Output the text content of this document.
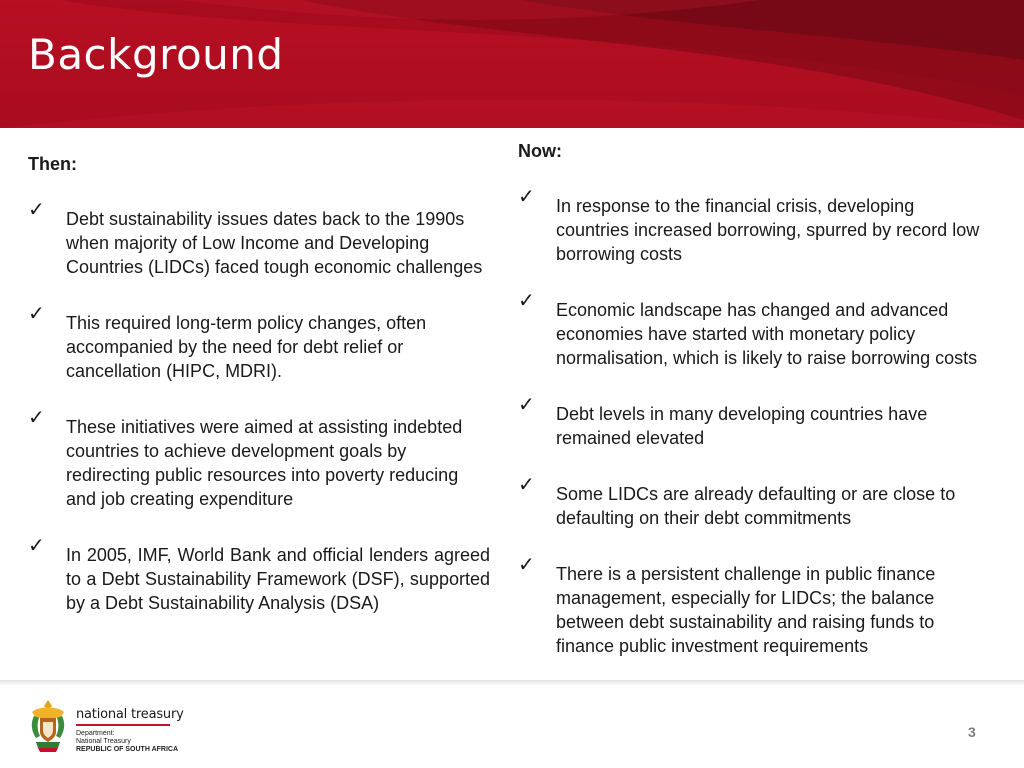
Background
Then:
✓ Debt sustainability issues dates back to the 1990s when majority of Low Income and Developing Countries (LIDCs) faced tough economic challenges
✓ This required long-term policy changes, often accompanied by the need for debt relief or cancellation (HIPC, MDRI).
✓ These initiatives were aimed at assisting indebted countries to achieve development goals by redirecting public resources into poverty reducing and job creating expenditure
✓ In 2005, IMF, World Bank and official lenders agreed to a Debt Sustainability Framework (DSF), supported by a Debt Sustainability Analysis (DSA)
Now:
✓ In response to the financial crisis, developing countries increased borrowing, spurred by record low borrowing costs
✓ Economic landscape has changed and advanced economies have started with monetary policy normalisation, which is likely to raise borrowing costs
✓ Debt levels in many developing countries have remained elevated
✓ Some LIDCs are already defaulting or are close to defaulting on their debt commitments
✓ There is a persistent challenge in public finance management, especially for LIDCs; the balance between debt sustainability and raising funds to finance public investment requirements
national treasury
Department:
National Treasury
REPUBLIC OF SOUTH AFRICA
3
